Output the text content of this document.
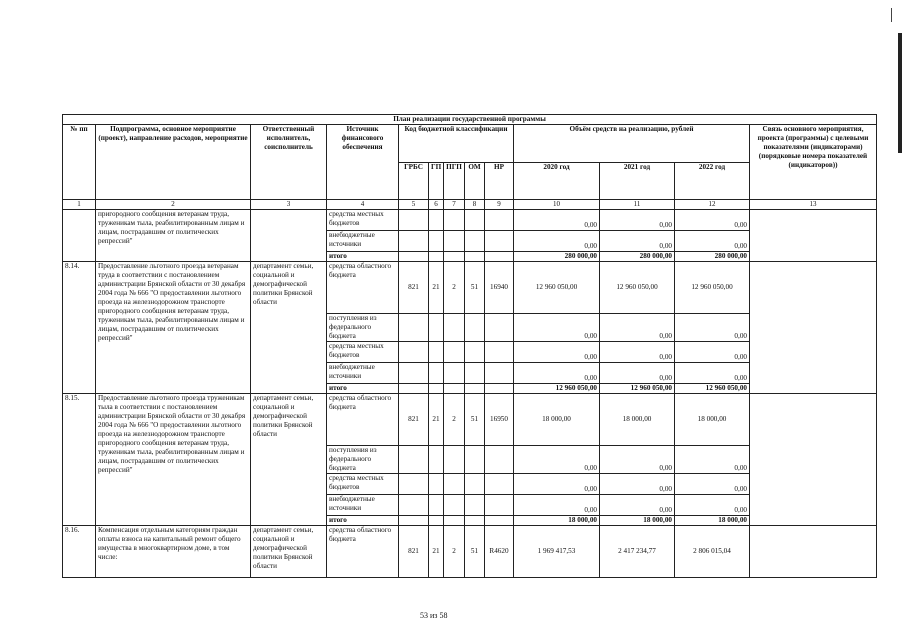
План реализации государственной программы												
№ пп	Подпрограмма, основное мероприятие (проект), направление расходов, мероприятие	Ответственный исполнитель, соисполнитель	Источник финансового обеспечения	Код бюджетной классификации					Объём средств на реализацию, рублей			Связь основного мероприятия, проекта (программы) с целевыми показателями (индикаторами) (порядковые номера показателей (индикаторов))
				ГРБС	ГП	ПГП	ОМ	НР	2020 год	2021 год	2022 год	
1	2	3	4	5	6	7	8	9	10	11	12	13
	пригородного сообщения ветеранам труда, труженикам тыла, реабилитированным лицам и лицам, пострадавшим от политических репрессий"		средства местных бюджетов						0,00	0,00	0,00	
			внебюджетные источники						0,00	0,00	0,00	
			итого						280 000,00	280 000,00	280 000,00	
8.14.	Предоставление льготного проезда ветеранам труда в соответствии с постановлением администрации Брянской области от 30 декабря 2004 года № 666 "О предоставлении льготного проезда на железнодорожном транспорте пригородного сообщения ветеранам труда, труженикам тыла, реабилитированным лицам и лицам, пострадавшим от политических репрессий"	департамент семьи, социальной и демографической политики Брянской области	средства областного бюджета	821	21	2	51	16940	12 960 050,00	12 960 050,00	12 960 050,00	
			поступления из федерального бюджета						0,00	0,00	0,00	
			средства местных бюджетов						0,00	0,00	0,00	
			внебюджетные источники						0,00	0,00	0,00	
			итого						12 960 050,00	12 960 050,00	12 960 050,00	
8.15.	Предоставление льготного проезда труженикам тыла в соответствии с постановлением администрации Брянской области от 30 декабря 2004 года № 666 "О предоставлении льготного проезда на железнодорожном транспорте пригородного сообщения ветеранам труда, труженикам тыла, реабилитированным лицам и лицам, пострадавшим от политических репрессий"	департамент семьи, социальной и демографической политики Брянской области	средства областного бюджета	821	21	2	51	16950	18 000,00	18 000,00	18 000,00	
			поступления из федерального бюджета						0,00	0,00	0,00	
			средства местных бюджетов						0,00	0,00	0,00	
			внебюджетные источники						0,00	0,00	0,00	
			итого						18 000,00	18 000,00	18 000,00	
8.16.	Компенсация отдельным категориям граждан оплаты взноса на капитальный ремонт общего имущества в многоквартирном доме, в том числе:	департамент семьи, социальной и демографической политики Брянской области	средства областного бюджета	821	21	2	51	R4620	1 969 417,53	2 417 234,77	2 806 015,04	
53 из 58
